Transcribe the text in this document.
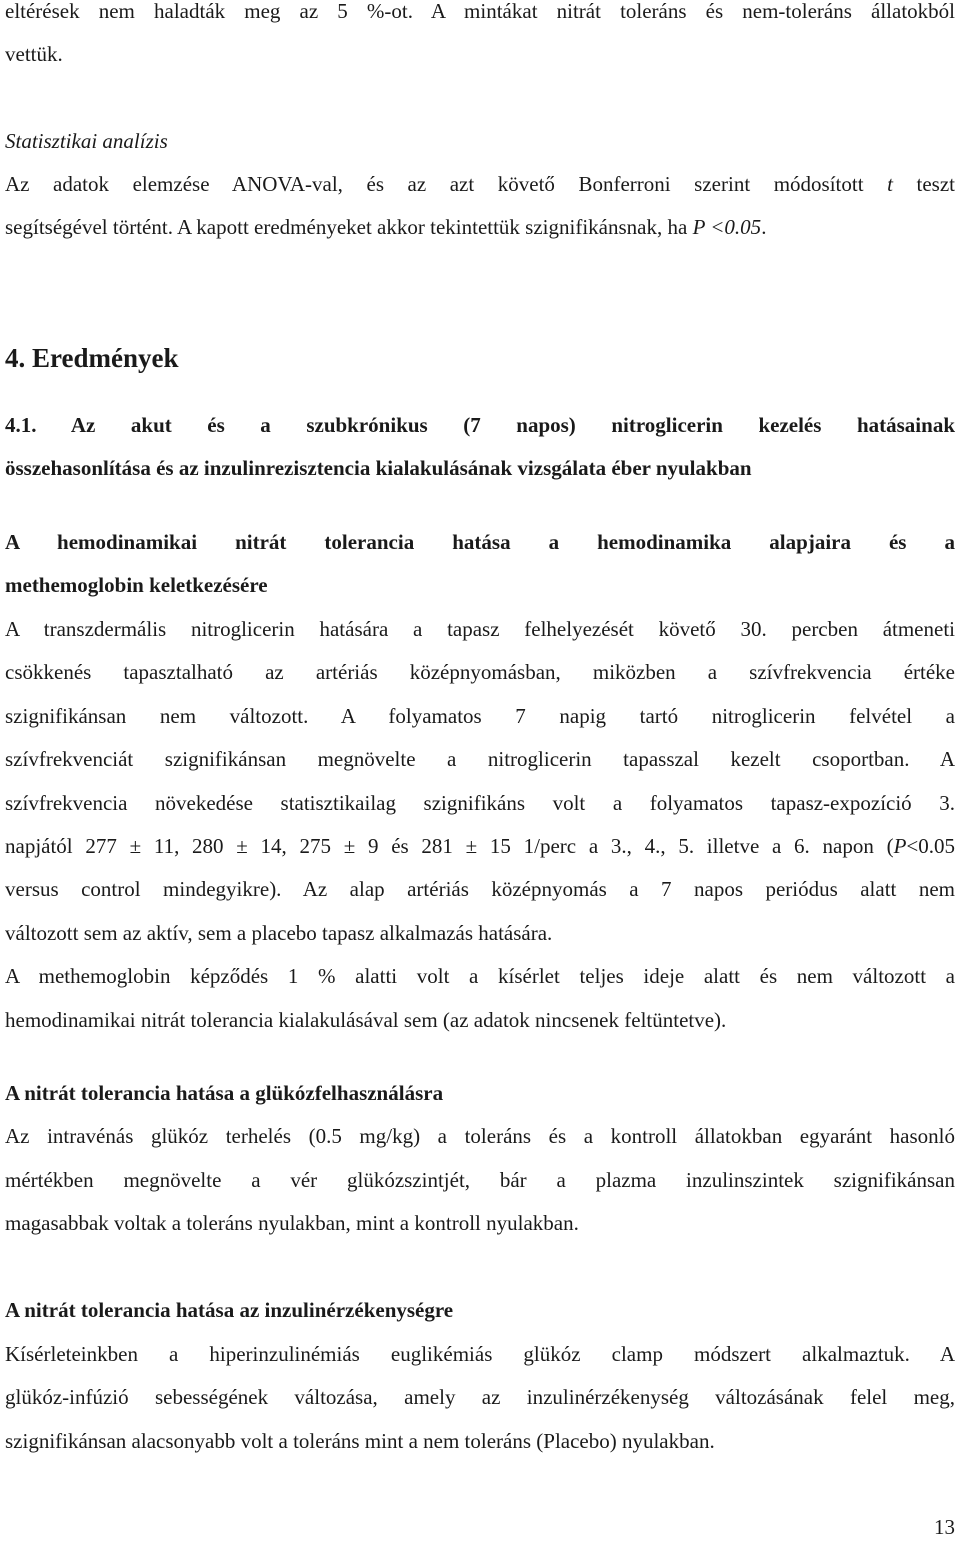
eltérések nem haladták meg az 5 %-ot. A mintákat nitrát toleráns és nem-toleráns állatokból
vettük.
Statisztikai analízis
Az adatok elemzése ANOVA-val, és az azt követő Bonferroni szerint módosított t teszt
segítségével történt. A kapott eredményeket akkor tekintettük szignifikánsnak, ha P <0.05.
4. Eredmények
4.1. Az akut és a szubkrónikus (7 napos) nitroglicerin kezelés hatásainak
összehasonlítása és az inzulinrezisztencia kialakulásának vizsgálata éber nyulakban
A hemodinamikai nitrát tolerancia hatása a hemodinamika alapjaira és a
methemoglobin keletkezésére
A transzdermális nitroglicerin hatására a tapasz felhelyezését követő 30. percben átmeneti
csökkenés tapasztalható az artériás középnyomásban, miközben a szívfrekvencia értéke
szignifikánsan nem változott. A folyamatos 7 napig tartó nitroglicerin felvétel a
szívfrekvenciát szignifikánsan megnövelte a nitroglicerin tapasszal kezelt csoportban. A
szívfrekvencia növekedése statisztikailag szignifikáns volt a folyamatos tapasz-expozíció 3.
napjától 277 ± 11, 280 ± 14, 275 ± 9 és 281 ± 15 1/perc a 3., 4., 5. illetve a 6. napon (P<0.05
versus control mindegyikre). Az alap artériás középnyomás a 7 napos periódus alatt nem
változott sem az aktív, sem a placebo tapasz alkalmazás hatására.
A methemoglobin képződés 1 % alatti volt a kísérlet teljes ideje alatt és nem változott a
hemodinamikai nitrát tolerancia kialakulásával sem (az adatok nincsenek feltüntetve).
A nitrát tolerancia hatása a glükózfelhasználásra
Az intravénás glükóz terhelés (0.5 mg/kg) a toleráns és a kontroll állatokban egyaránt hasonló
mértékben megnövelte a vér glükózszintjét, bár a plazma inzulinszintek szignifikánsan
magasabbak voltak a toleráns nyulakban, mint a kontroll nyulakban.
A nitrát tolerancia hatása az inzulinérzékenységre
Kísérleteinkben a hiperinzulinémiás euglikémiás glükóz clamp módszert alkalmaztuk. A
glükóz-infúzió sebességének változása, amely az inzulinérzékenység változásának felel meg,
szignifikánsan alacsonyabb volt a toleráns mint a nem toleráns (Placebo) nyulakban.
13
